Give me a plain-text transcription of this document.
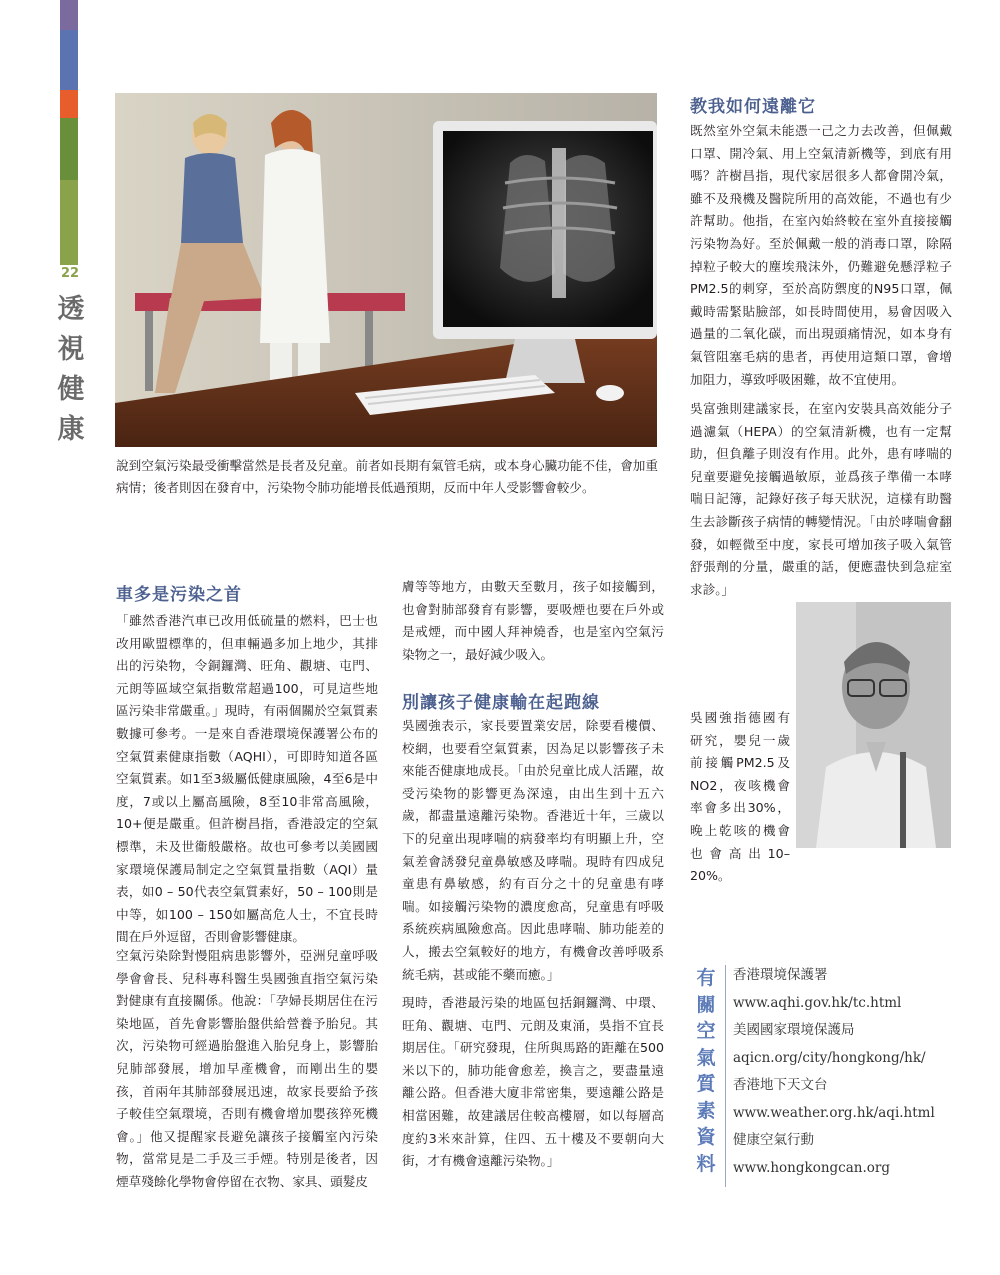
22
透
視
健
康

說到空氣污染最受衝擊當然是長者及兒童。前者如長期有氣管毛病，或本身心臟功能不佳，會加重病情；後者則因在發育中，污染物令肺功能增長低過預期，反而中年人受影響會較少。

車多是污染之首

「雖然香港汽車已改用低硫量的燃料，巴士也改用歐盟標準的，但車輛過多加上地少，其排出的污染物，令銅鑼灣、旺角、觀塘、屯門、元朗等區域空氣指數常超過100，可見這些地區污染非常嚴重。」現時，有兩個關於空氣質素數據可參考。一是來自香港環境保護署公布的空氣質素健康指數（AQHI），可即時知道各區空氣質素。如1至3級屬低健康風險，4至6是中度，7或以上屬高風險，8至10非常高風險，10+便是嚴重。但許樹昌指，香港設定的空氣標準，未及世衞般嚴格。故也可參考以美國國家環境保護局制定之空氣質量指數（AQI）量表，如0 – 50代表空氣質素好，50 – 100則是中等，如100 – 150如屬高危人士，不宜長時間在戶外逗留，否則會影響健康。

空氣污染除對慢阻病患影響外，亞洲兒童呼吸學會會長、兒科專科醫生吳國強直指空氣污染對健康有直接關係。他說：「孕婦長期居住在污染地區，首先會影響胎盤供給營養予胎兒。其次，污染物可經過胎盤進入胎兒身上，影響胎兒肺部發展，增加早產機會，而剛出生的嬰孩，首兩年其肺部發展迅速，故家長要給予孩子較佳空氣環境，否則有機會增加嬰孩猝死機會。」他又提醒家長避免讓孩子接觸室內污染物，當常見是二手及三手煙。特別是後者，因煙草殘餘化學物會停留在衣物、家具、頭髮皮

膚等等地方，由數天至數月，孩子如接觸到，也會對肺部發育有影響，要吸煙也要在戶外或是戒煙，而中國人拜神燒香，也是室內空氣污染物之一，最好減少吸入。

別讓孩子健康輸在起跑線

吳國強表示，家長要置業安居，除要看樓價、校網，也要看空氣質素，因為足以影響孩子未來能否健康地成長。「由於兒童比成人活躍，故受污染物的影響更為深遠，由出生到十五六歲，都盡量遠離污染物。香港近十年，三歲以下的兒童出現哮喘的病發率均有明顯上升，空氣差會誘發兒童鼻敏感及哮喘。現時有四成兒童患有鼻敏感，約有百分之十的兒童患有哮喘。如接觸污染物的濃度愈高，兒童患有呼吸系統疾病風險愈高。因此患哮喘、肺功能差的人，搬去空氣較好的地方，有機會改善呼吸系統毛病，甚或能不藥而癒。」

現時，香港最污染的地區包括銅鑼灣、中環、旺角、觀塘、屯門、元朗及東涌，吳指不宜長期居住。「研究發現，住所與馬路的距離在500米以下的，肺功能會愈差，換言之，要盡量遠離公路。但香港大廈非常密集，要遠離公路是相當困難，故建議居住較高樓層，如以每層高度約3米來計算，住四、五十樓及不要朝向大街，才有機會遠離污染物。」

教我如何遠離它

既然室外空氣未能憑一己之力去改善，但佩戴口罩、開冷氣、用上空氣清新機等，到底有用嗎？許樹昌指，現代家居很多人都會開冷氣，雖不及飛機及醫院所用的高效能，不過也有少許幫助。他指，在室內始終較在室外直接接觸污染物為好。至於佩戴一般的消毒口罩，除隔掉粒子較大的塵埃飛沫外，仍難避免懸浮粒子PM2.5的刺穿，至於高防禦度的N95口罩，佩戴時需緊貼臉部，如長時間使用，易會因吸入過量的二氧化碳，而出現頭痛情況，如本身有氣管阻塞毛病的患者，再使用這類口罩，會增加阻力，導致呼吸困難，故不宜使用。

吳富強則建議家長，在室內安裝具高效能分子過濾氣（HEPA）的空氣清新機，也有一定幫助，但負離子則沒有作用。此外，患有哮喘的兒童要避免接觸過敏原，並爲孩子準備一本哮喘日記簿，記錄好孩子每天狀況，這樣有助醫生去診斷孩子病情的轉變情況。「由於哮喘會翻發，如輕微至中度，家長可增加孩子吸入氣管舒張劑的分量，嚴重的話，便應盡快到急症室求診。」

吳國強指德國有研究，嬰兒一歲前接觸PM2.5及NO2，夜咳機會率會多出30%，晚上乾咳的機會也會高出10–20%。

有
關
空
氣
質
素
資
料
香港環境保護署
www.aqhi.gov.hk/tc.html
美國國家環境保護局
aqicn.org/city/hongkong/hk/
香港地下天文台
www.weather.org.hk/aqi.html
健康空氣行動
www.hongkongcan.org
